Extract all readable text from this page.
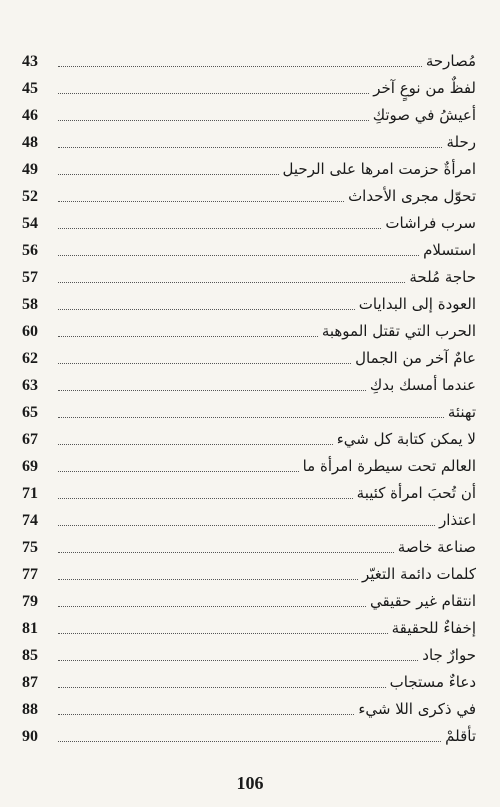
43	مُصارحة
45	لفظٌ من نوعٍ آخر
46	أعيشُ في صوتكِ
48	رحلة
49	امرأةٌ حزمت امرها على الرحيل
52	تحوّل مجرى الأحداث
54	سرب فراشات
56	استسلام
57	حاجة مُلحة
58	العودة إلى البدايات
60	الحرب التي تقتل الموهبة
62	عامٌ آخر من الجمال
63	عندما أمسك بدكِ
65	تهنئة
67	لا يمكن كتابة كل شيء
69	العالم تحت سيطرة امرأة ما
71	أن تُحبَ امرأة كئيبة
74	اعتذار
75	صناعة خاصة
77	كلمات دائمة التغيّر
79	انتقام غير حقيقي
81	إخفاءٌ للحقيقة
85	حوارٌ جاد
87	دعاءٌ مستجاب
88	في ذكرى اللا شيء
90	تأقلمْ
106
